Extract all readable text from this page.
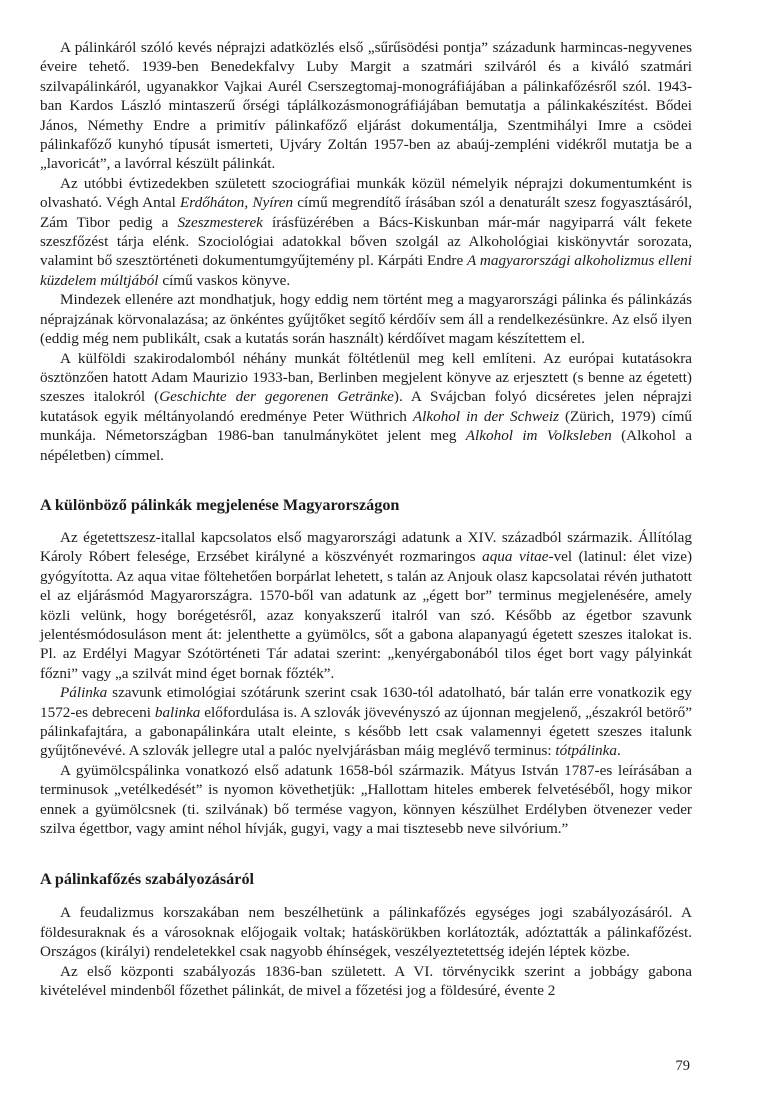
A pálinkáról szóló kevés néprajzi adatközlés első „sűrűsödési pontja” századunk harmincas-negyvenes éveire tehető. 1939-ben Benedekfalvy Luby Margit a szatmári szilváról és a kiváló szatmári szilvapálinkáról, ugyanakkor Vajkai Aurél Cserszegtomaj-monográfiájában a pálinkafőzésről szól. 1943-ban Kardos László mintaszerű őrségi táplálkozásmonográfiájában bemutatja a pálinkakészítést. Bődei János, Némethy Endre a primitív pálinkafőző eljárást dokumentálja, Szentmihályi Imre a csödei pálinkafőző kunyhó típusát ismerteti, Ujváry Zoltán 1957-ben az abaúj-zempléni vidékről mutatja be a „lavoricát”, a lavórral készült pálinkát.

Az utóbbi évtizedekben született szociográfiai munkák közül némelyik néprajzi dokumentumként is olvasható. Végh Antal Erdőháton, Nyíren című megrendítő írásában szól a denaturált szesz fogyasztásáról, Zám Tibor pedig a Szeszmesterek írásfüzérében a Bács-Kiskunban már-már nagyiparrá vált fekete szeszfőzést tárja elénk. Szociológiai adatokkal bőven szolgál az Alkohológiai kiskönyvtár sorozata, valamint bő szesztörténeti dokumentumgyűjtemény pl. Kárpáti Endre A magyarországi alkoholizmus elleni küzdelem múltjából című vaskos könyve.

Mindezek ellenére azt mondhatjuk, hogy eddig nem történt meg a magyarországi pálinka és pálinkázás néprajzának körvonalazása; az önkéntes gyűjtőket segítő kérdőív sem áll a rendelkezésünkre. Az első ilyen (eddig még nem publikált, csak a kutatás során használt) kérdőívet magam készítettem el.

A külföldi szakirodalomból néhány munkát föltétlenül meg kell említeni. Az európai kutatásokra ösztönzően hatott Adam Maurizio 1933-ban, Berlinben megjelent könyve az erjesztett (s benne az égetett) szeszes italokról (Geschichte der gegorenen Getränke). A Svájcban folyó dicséretes jelen néprajzi kutatások egyik méltányolandó eredménye Peter Wüthrich Alkohol in der Schweiz (Zürich, 1979) című munkája. Németországban 1986-ban tanulmánykötet jelent meg Alkohol im Volksleben (Alkohol a népéletben) címmel.

A különböző pálinkák megjelenése Magyarországon

Az égetettszesz-itallal kapcsolatos első magyarországi adatunk a XIV. századból származik. Állítólag Károly Róbert felesége, Erzsébet királyné a köszvényét rozmaringos aqua vitae-vel (latinul: élet vize) gyógyította. Az aqua vitae föltehetően borpárlat lehetett, s talán az Anjouk olasz kapcsolatai révén juthatott el az eljárásmód Magyarországra. 1570-ből van adatunk az „égett bor” terminus megjelenésére, amely közli velünk, hogy borégetésről, azaz konyakszerű italról van szó. Később az égetbor szavunk jelentésmódosuláson ment át: jelenthette a gyümölcs, sőt a gabona alapanyagú égetett szeszes italokat is. Pl. az Erdélyi Magyar Szótörténeti Tár adatai szerint: „kenyérgabonából tilos éget bort vagy pályinkát főzni” vagy „a szilvát mind éget bornak főzték”.

Pálinka szavunk etimológiai szótárunk szerint csak 1630-tól adatolható, bár talán erre vonatkozik egy 1572-es debreceni balinka előfordulása is. A szlovák jövevényszó az újonnan megjelenő, „északról betörő” pálinkafajtára, a gabonapálinkára utalt eleinte, s később lett csak valamennyi égetett szeszes italunk gyűjtőnevévé. A szlovák jellegre utal a palóc nyelvjárásban máig meglévő terminus: tótpálinka.

A gyümölcspálinka vonatkozó első adatunk 1658-ból származik. Mátyus István 1787-es leírásában a terminusok „vetélkedését” is nyomon követhetjük: „Hallottam hiteles emberek felvetéséből, hogy mikor ennek a gyümölcsnek (ti. szilvának) bő termése vagyon, könnyen készülhet Erdélyben ötvenezer veder szilva égettbor, vagy amint néhol hívják, gugyi, vagy a mai tisztesebb neve silvórium.”

A pálinkafőzés szabályozásáról

A feudalizmus korszakában nem beszélhetünk a pálinkafőzés egységes jogi szabályozásáról. A földesuraknak és a városoknak előjogaik voltak; hatáskörükben korlátozták, adóztatták a pálinkafőzést. Országos (királyi) rendeletekkel csak nagyobb éhínségek, veszélyeztetettség idején léptek közbe.

Az első központi szabályozás 1836-ban született. A VI. törvénycikk szerint a jobbágy gabona kivételével mindenből főzethet pálinkát, de mivel a főzetési jog a földesúré, évente 2

79
